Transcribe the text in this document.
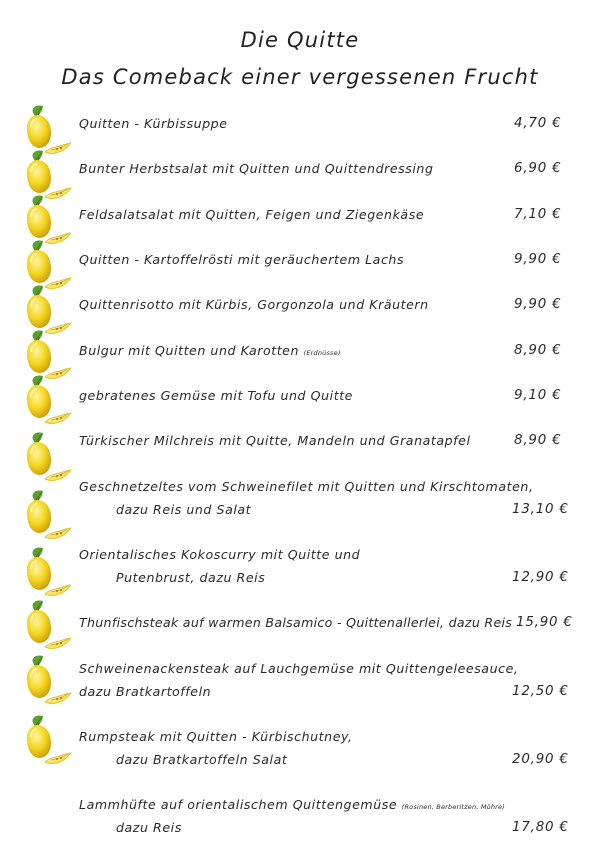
Die Quitte
Das Comeback einer vergessenen Frucht
Quitten - Kürbissuppe	4,70 €
Bunter Herbstsalat mit Quitten und Quittendressing	6,90 €
Feldsalatsalat mit Quitten, Feigen und Ziegenkäse	7,10 €
Quitten - Kartoffelrösti mit geräuchertem Lachs	9,90 €
Quittenrisotto mit Kürbis, Gorgonzola und Kräutern	9,90 €
Bulgur mit Quitten und Karotten (Erdnüsse)	8,90 €
gebratenes Gemüse mit Tofu und Quitte	9,10 €
Türkischer Milchreis mit Quitte, Mandeln und Granatapfel	8,90 €
Geschnetzeltes vom Schweinefilet mit Quitten und Kirschtomaten,
dazu Reis und Salat	13,10 €
Orientalisches Kokoscurry mit Quitte und
Putenbrust, dazu Reis	12,90 €
Thunfischsteak auf warmen Balsamico - Quittenallerlei, dazu Reis 15,90 €
Schweinenackensteak auf Lauchgemüse mit Quittengeleesauce,
dazu Bratkartoffeln	12,50 €
Rumpsteak mit Quitten - Kürbischutney,
dazu Bratkartoffeln Salat	20,90 €
Lammhüfte auf orientalischem Quittengemüse (Rosinen, Berberitzen, Möhre)
dazu Reis	17,80 €
